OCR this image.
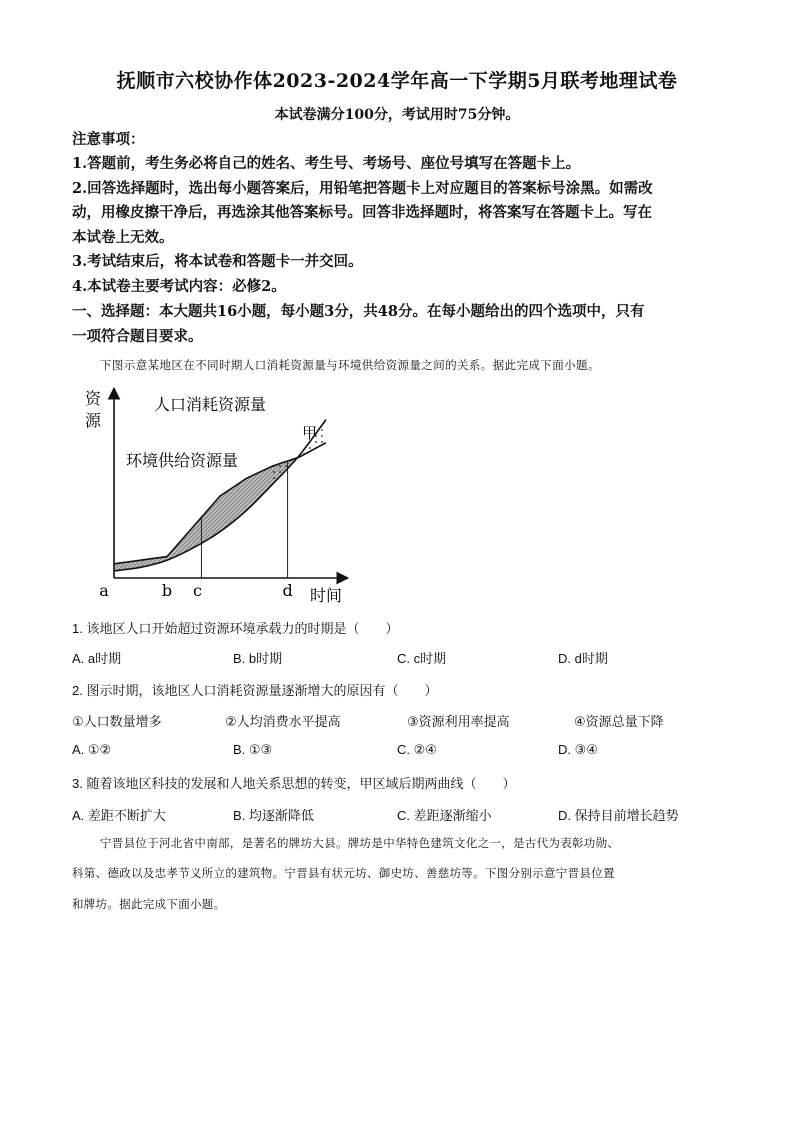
抚顺市六校协作体2023-2024学年高一下学期5月联考地理试卷
本试卷满分100分，考试用时75分钟。
注意事项：
1.答题前，考生务必将自己的姓名、考生号、考场号、座位号填写在答题卡上。
2.回答选择题时，选出每小题答案后，用铅笔把答题卡上对应题目的答案标号涂黑。如需改
动，用橡皮擦干净后，再选涂其他答案标号。回答非选择题时，将答案写在答题卡上。写在
本试卷上无效。
3.考试结束后，将本试卷和答题卡一并交回。
4.本试卷主要考试内容：必修2。
一、选择题：本大题共16小题，每小题3分，共48分。在每小题给出的四个选项中，只有
一项符合题目要求。
下图示意某地区在不同时期人口消耗资源量与环境供给资源量之间的关系。据此完成下面小题。
资
源
时间
人口消耗资源量
环境供给资源量
甲
a	b c	d
1. 该地区人口开始超过资源环境承载力的时期是（　　）
A. a时期	B. b时期	C. c时期	D. d时期
2. 图示时期，该地区人口消耗资源量逐渐增大的原因有（　　）
①人口数量增多	②人均消费水平提高	③资源利用率提高	④资源总量下降
A. ①②	B. ①③	C. ②④	D. ③④
3. 随着该地区科技的发展和人地关系思想的转变，甲区域后期两曲线（　　）
A. 差距不断扩大	B. 均逐渐降低	C. 差距逐渐缩小	D. 保持目前增长趋势
宁晋县位于河北省中南部，是著名的牌坊大县。牌坊是中华特色建筑文化之一，是古代为表彰功勋、
科第、德政以及忠孝节义所立的建筑物。宁晋县有状元坊、御史坊、善慈坊等。下图分别示意宁晋县位置
和牌坊。据此完成下面小题。
